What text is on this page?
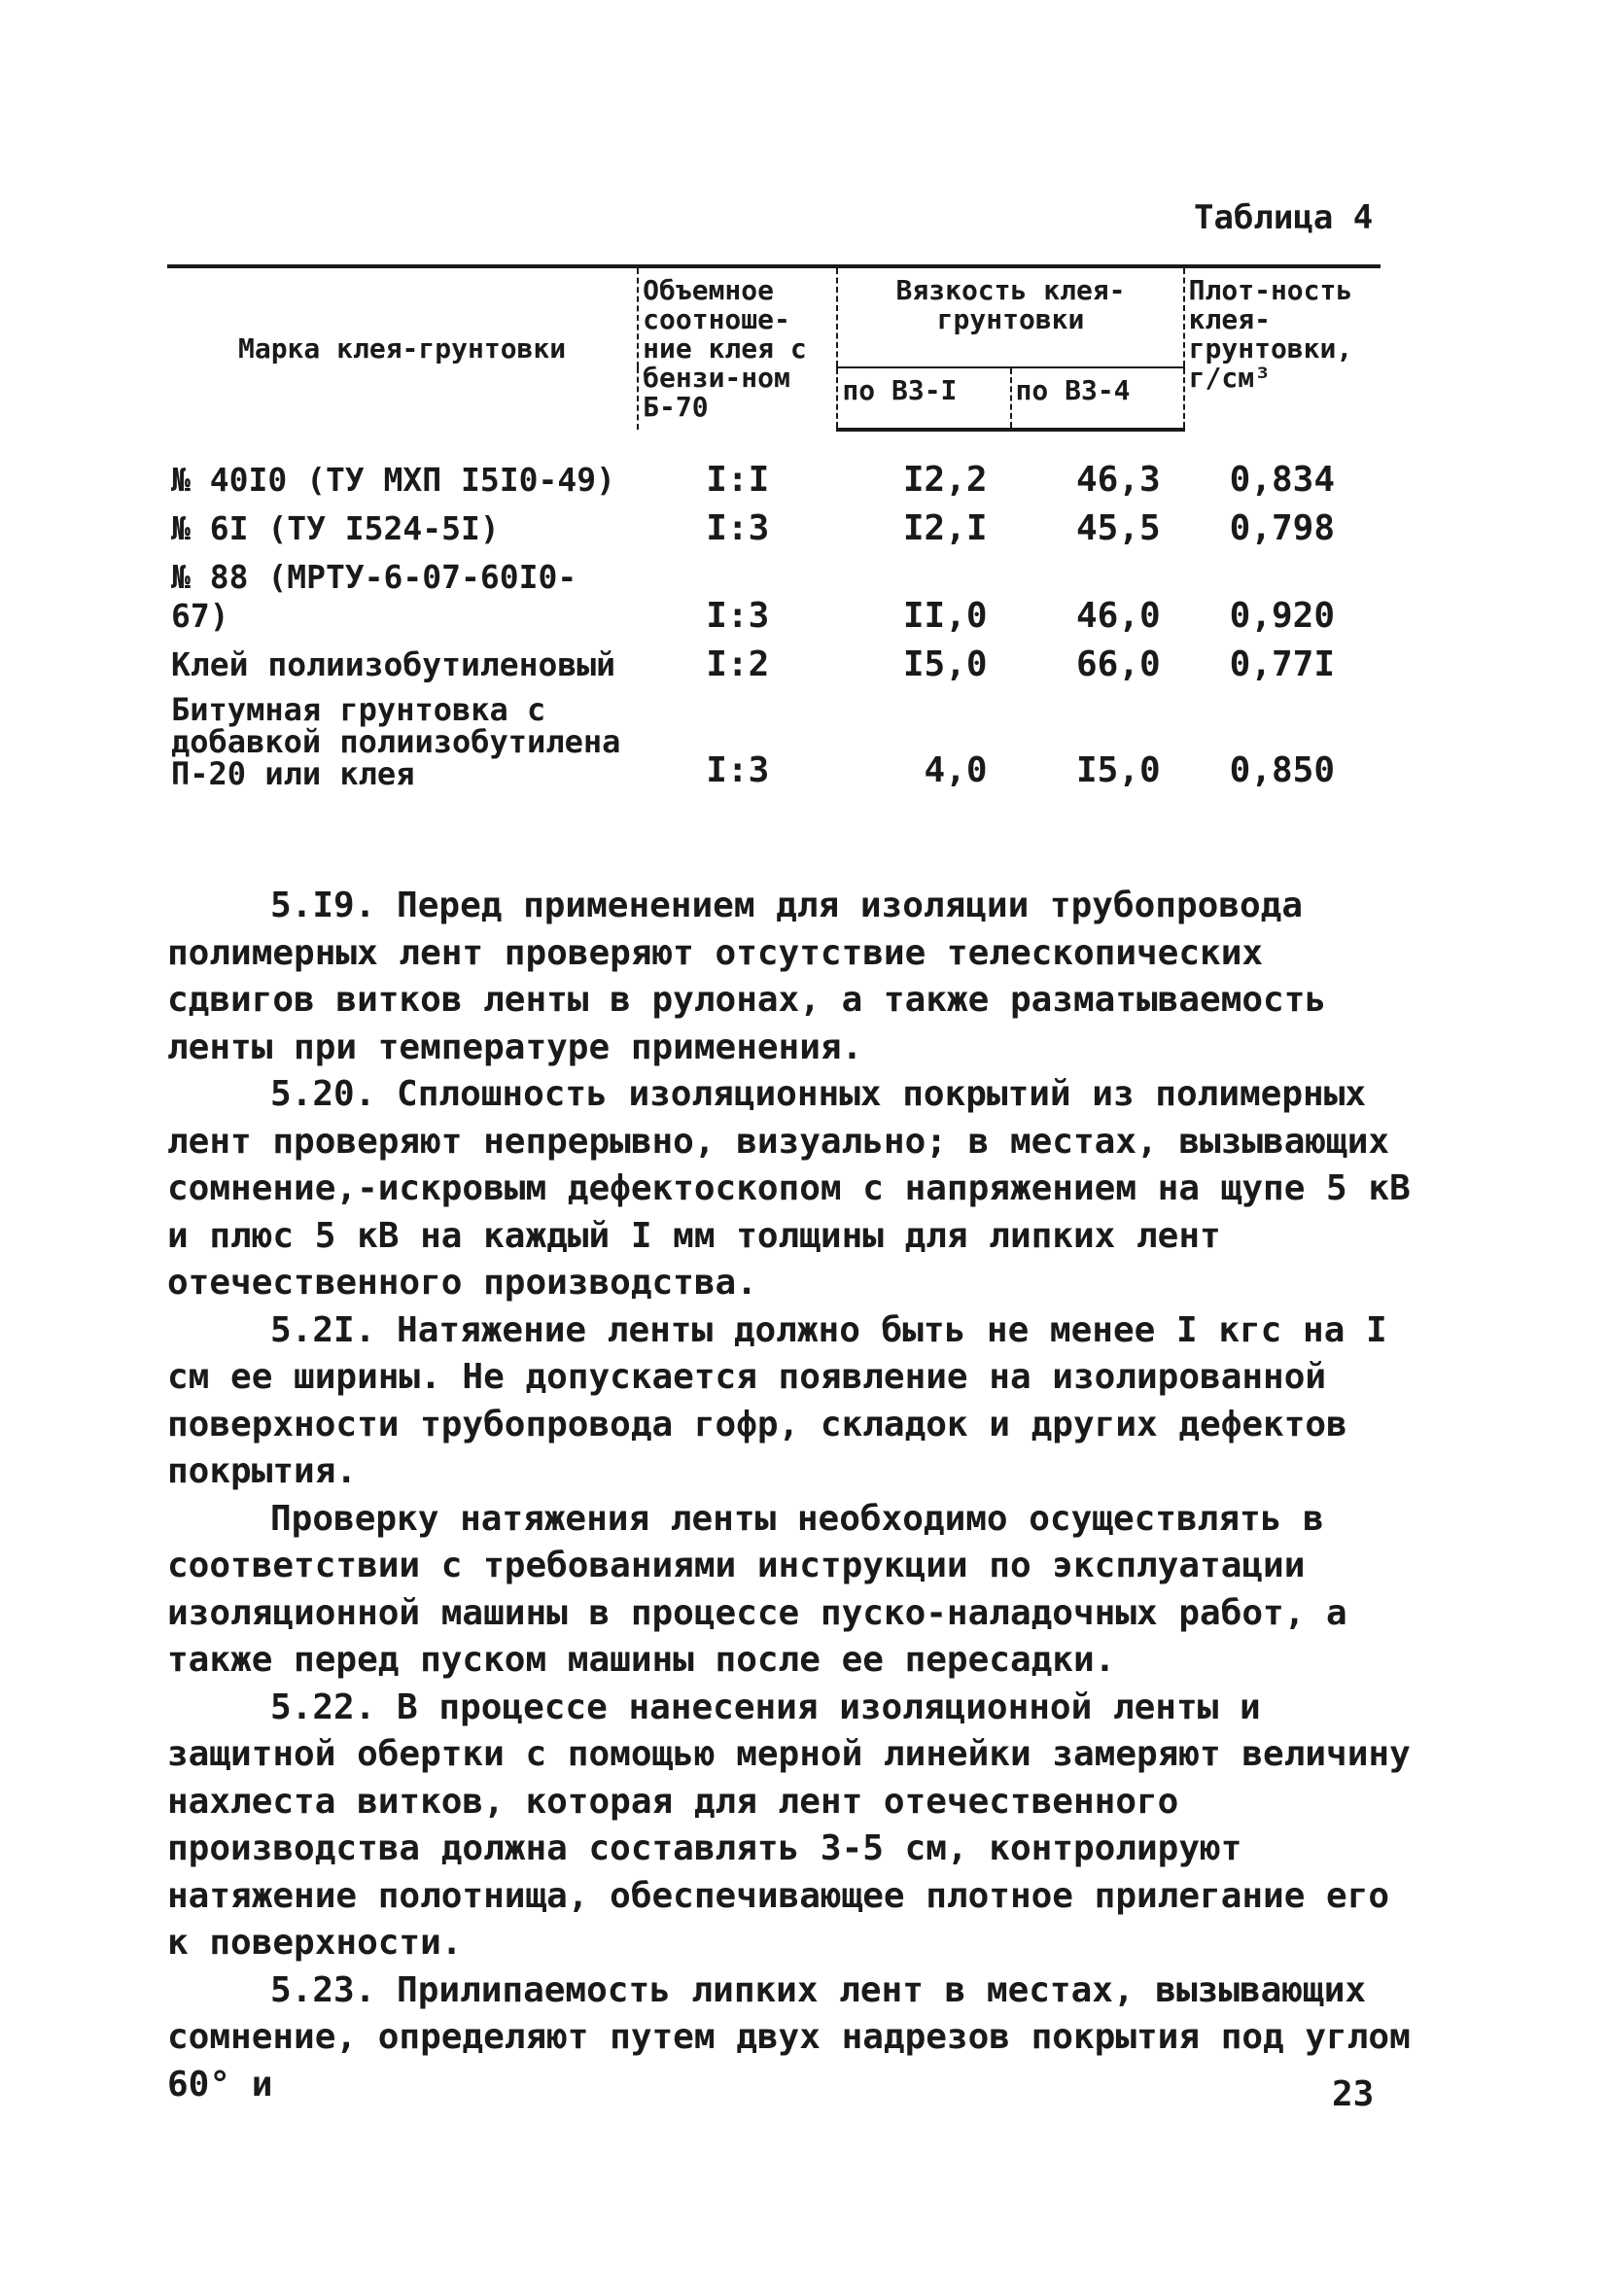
Таблица 4
Марка клея-грунтовки	Объемное соотноше-ние клея с бензи-ном Б-70	Вязкость клея-грунтовки		Плот-ность клея-грунтовки, г/см³
		по ВЗ-I	по ВЗ-4	
№ 40I0 (ТУ МХП I5I0-49)	I:I	I2,2	46,3	0,834
№ 6I (ТУ I524-5I)	I:3	I2,I	45,5	0,798
№ 88 (МРТУ-6-07-60I0-67)	I:3	II,0	46,0	0,920
Клей полиизобутиленовый	I:2	I5,0	66,0	0,77I
Битумная грунтовка с добавкой полиизобутилена П-20 или клея	I:3	4,0	I5,0	0,850

5.I9. Перед применением для изоляции трубопровода полимерных лент проверяют отсутствие телескопических сдвигов витков ленты в рулонах, а также разматываемость ленты при температуре применения.

5.20. Сплошность изоляционных покрытий из полимерных лент проверяют непрерывно, визуально; в местах, вызывающих сомнение,-искровым дефектоскопом с напряжением на щупе 5 кВ и плюс 5 кВ на каждый I мм толщины для липких лент отечественного производства.

5.2I. Натяжение ленты должно быть не менее I кгс на I см ее ширины. Не допускается появление на изолированной поверхности трубопровода гофр, складок и других дефектов покрытия.

Проверку натяжения ленты необходимо осуществлять в соответствии с требованиями инструкции по эксплуатации изоляционной машины в процессе пуско-наладочных работ, а также перед пуском машины после ее пересадки.

5.22. В процессе нанесения изоляционной ленты и защитной обертки с помощью мерной линейки замеряют величину нахлеста витков, которая для лент отечественного производства должна составлять 3-5 см, контролируют натяжение полотнища, обеспечивающее плотное прилегание его к поверхности.

5.23. Прилипаемость липких лент в местах, вызывающих сомнение, определяют путем двух надрезов покрытия под углом 60° и	23
